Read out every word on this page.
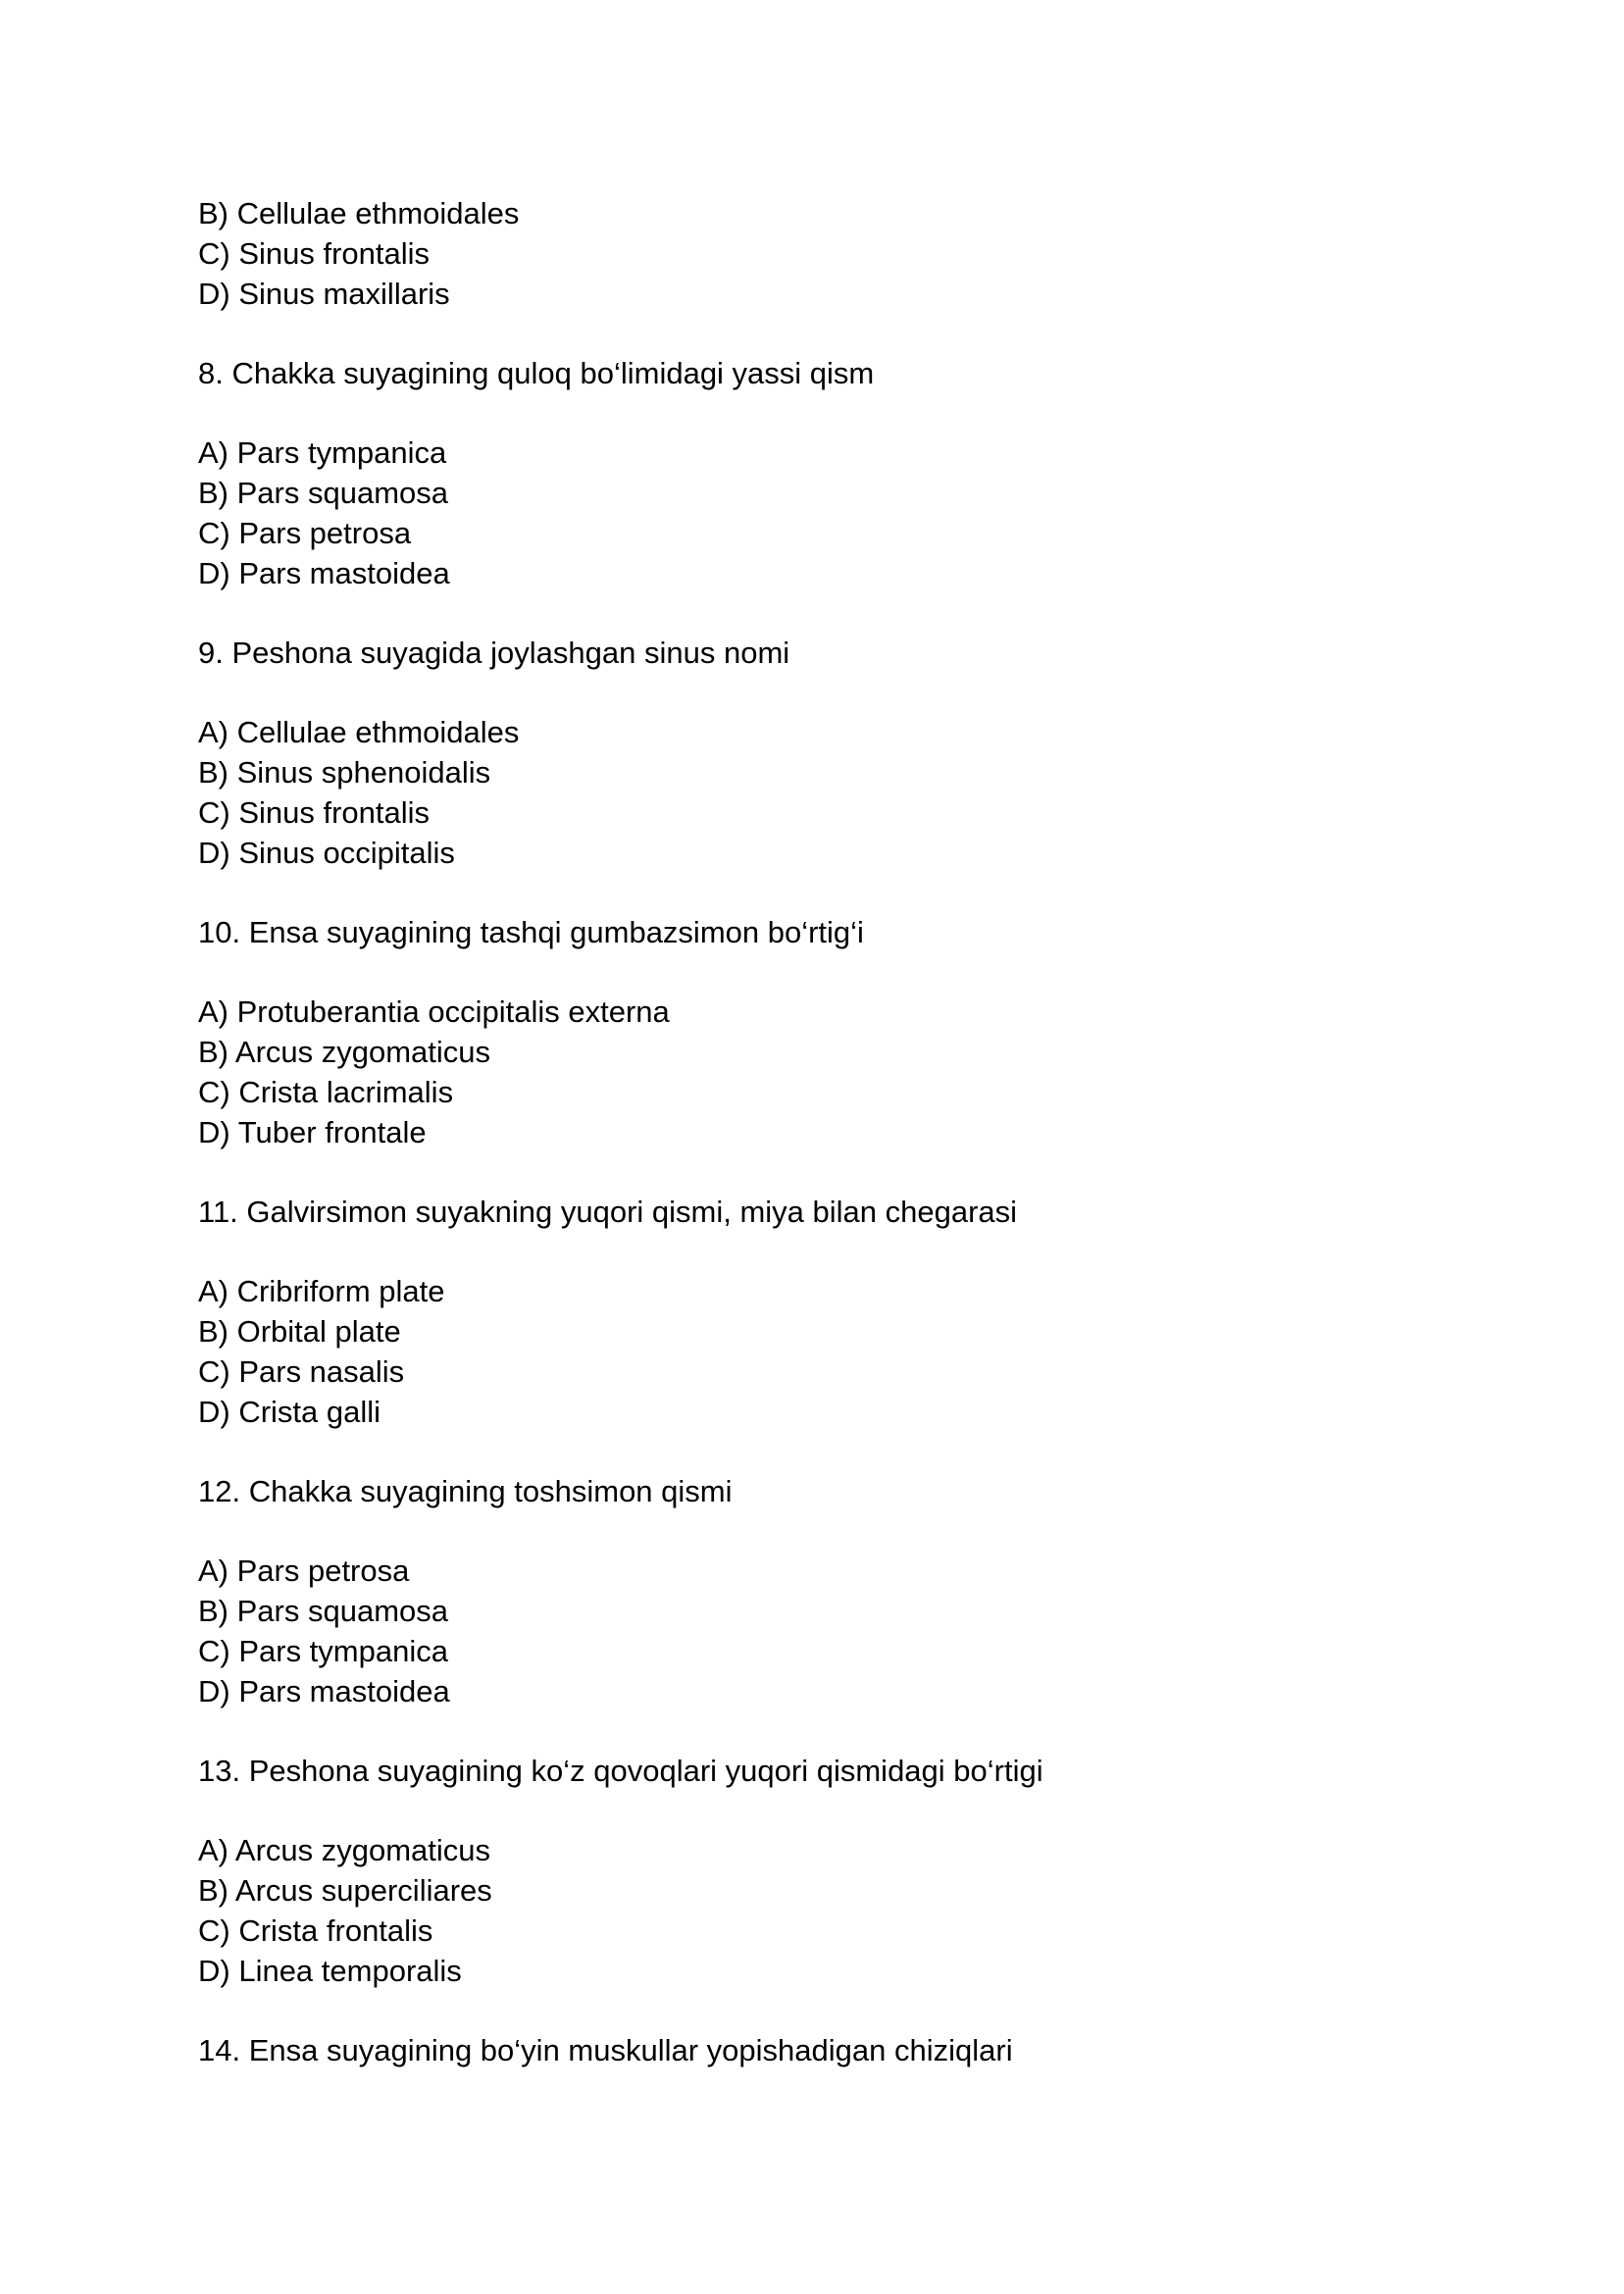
B) Cellulae ethmoidales
C) Sinus frontalis
D) Sinus maxillaris
8. Chakka suyagining quloq bo‘limidagi yassi qism
A) Pars tympanica
B) Pars squamosa
C) Pars petrosa
D) Pars mastoidea
9. Peshona suyagida joylashgan sinus nomi
A) Cellulae ethmoidales
B) Sinus sphenoidalis
C) Sinus frontalis
D) Sinus occipitalis
10. Ensa suyagining tashqi gumbazsimon bo‘rtig‘i
A) Protuberantia occipitalis externa
B) Arcus zygomaticus
C) Crista lacrimalis
D) Tuber frontale
11. Galvirsimon suyakning yuqori qismi, miya bilan chegarasi
A) Cribriform plate
B) Orbital plate
C) Pars nasalis
D) Crista galli
12. Chakka suyagining toshsimon qismi
A) Pars petrosa
B) Pars squamosa
C) Pars tympanica
D) Pars mastoidea
13. Peshona suyagining ko‘z qovoqlari yuqori qismidagi bo‘rtigi
A) Arcus zygomaticus
B) Arcus superciliares
C) Crista frontalis
D) Linea temporalis
14. Ensa suyagining bo‘yin muskullar yopishadigan chiziqlari
